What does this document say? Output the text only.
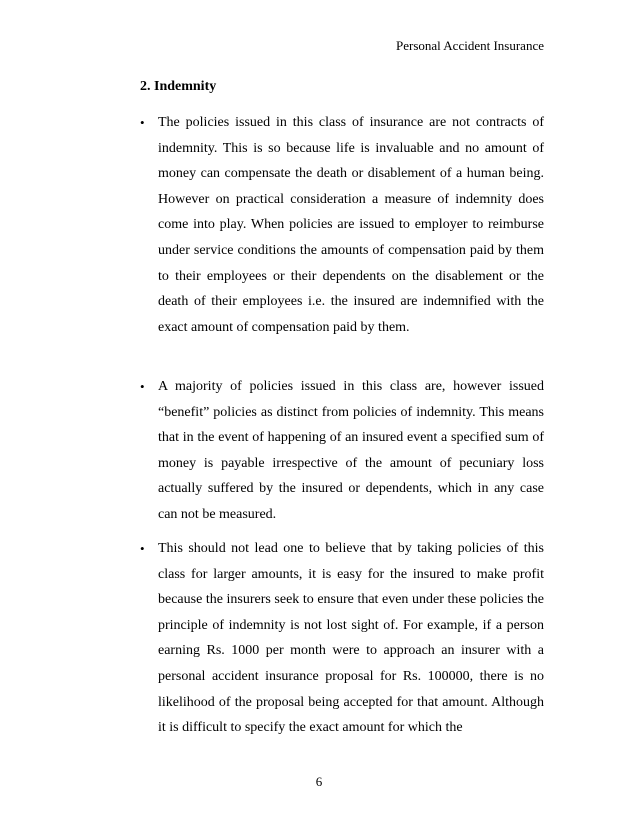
Personal Accident Insurance
2. Indemnity
• The policies issued in this class of insurance are not contracts of indemnity. This is so because life is invaluable and no amount of money can compensate the death or disablement of a human being. However on practical consideration a measure of indemnity does come into play. When policies are issued to employer to reimburse under service conditions the amounts of compensation paid by them to their employees or their dependents on the disablement or the death of their employees i.e. the insured are indemnified with the exact amount of compensation paid by them.
• A majority of policies issued in this class are, however issued “benefit” policies as distinct from policies of indemnity. This means that in the event of happening of an insured event a specified sum of money is payable irrespective of the amount of pecuniary loss actually suffered by the insured or dependents, which in any case can not be measured.
• This should not lead one to believe that by taking policies of this class for larger amounts, it is easy for the insured to make profit because the insurers seek to ensure that even under these policies the principle of indemnity is not lost sight of. For example, if a person earning Rs. 1000 per month were to approach an insurer with a personal accident insurance proposal for Rs. 100000, there is no likelihood of the proposal being accepted for that amount. Although it is difficult to specify the exact amount for which the
6
